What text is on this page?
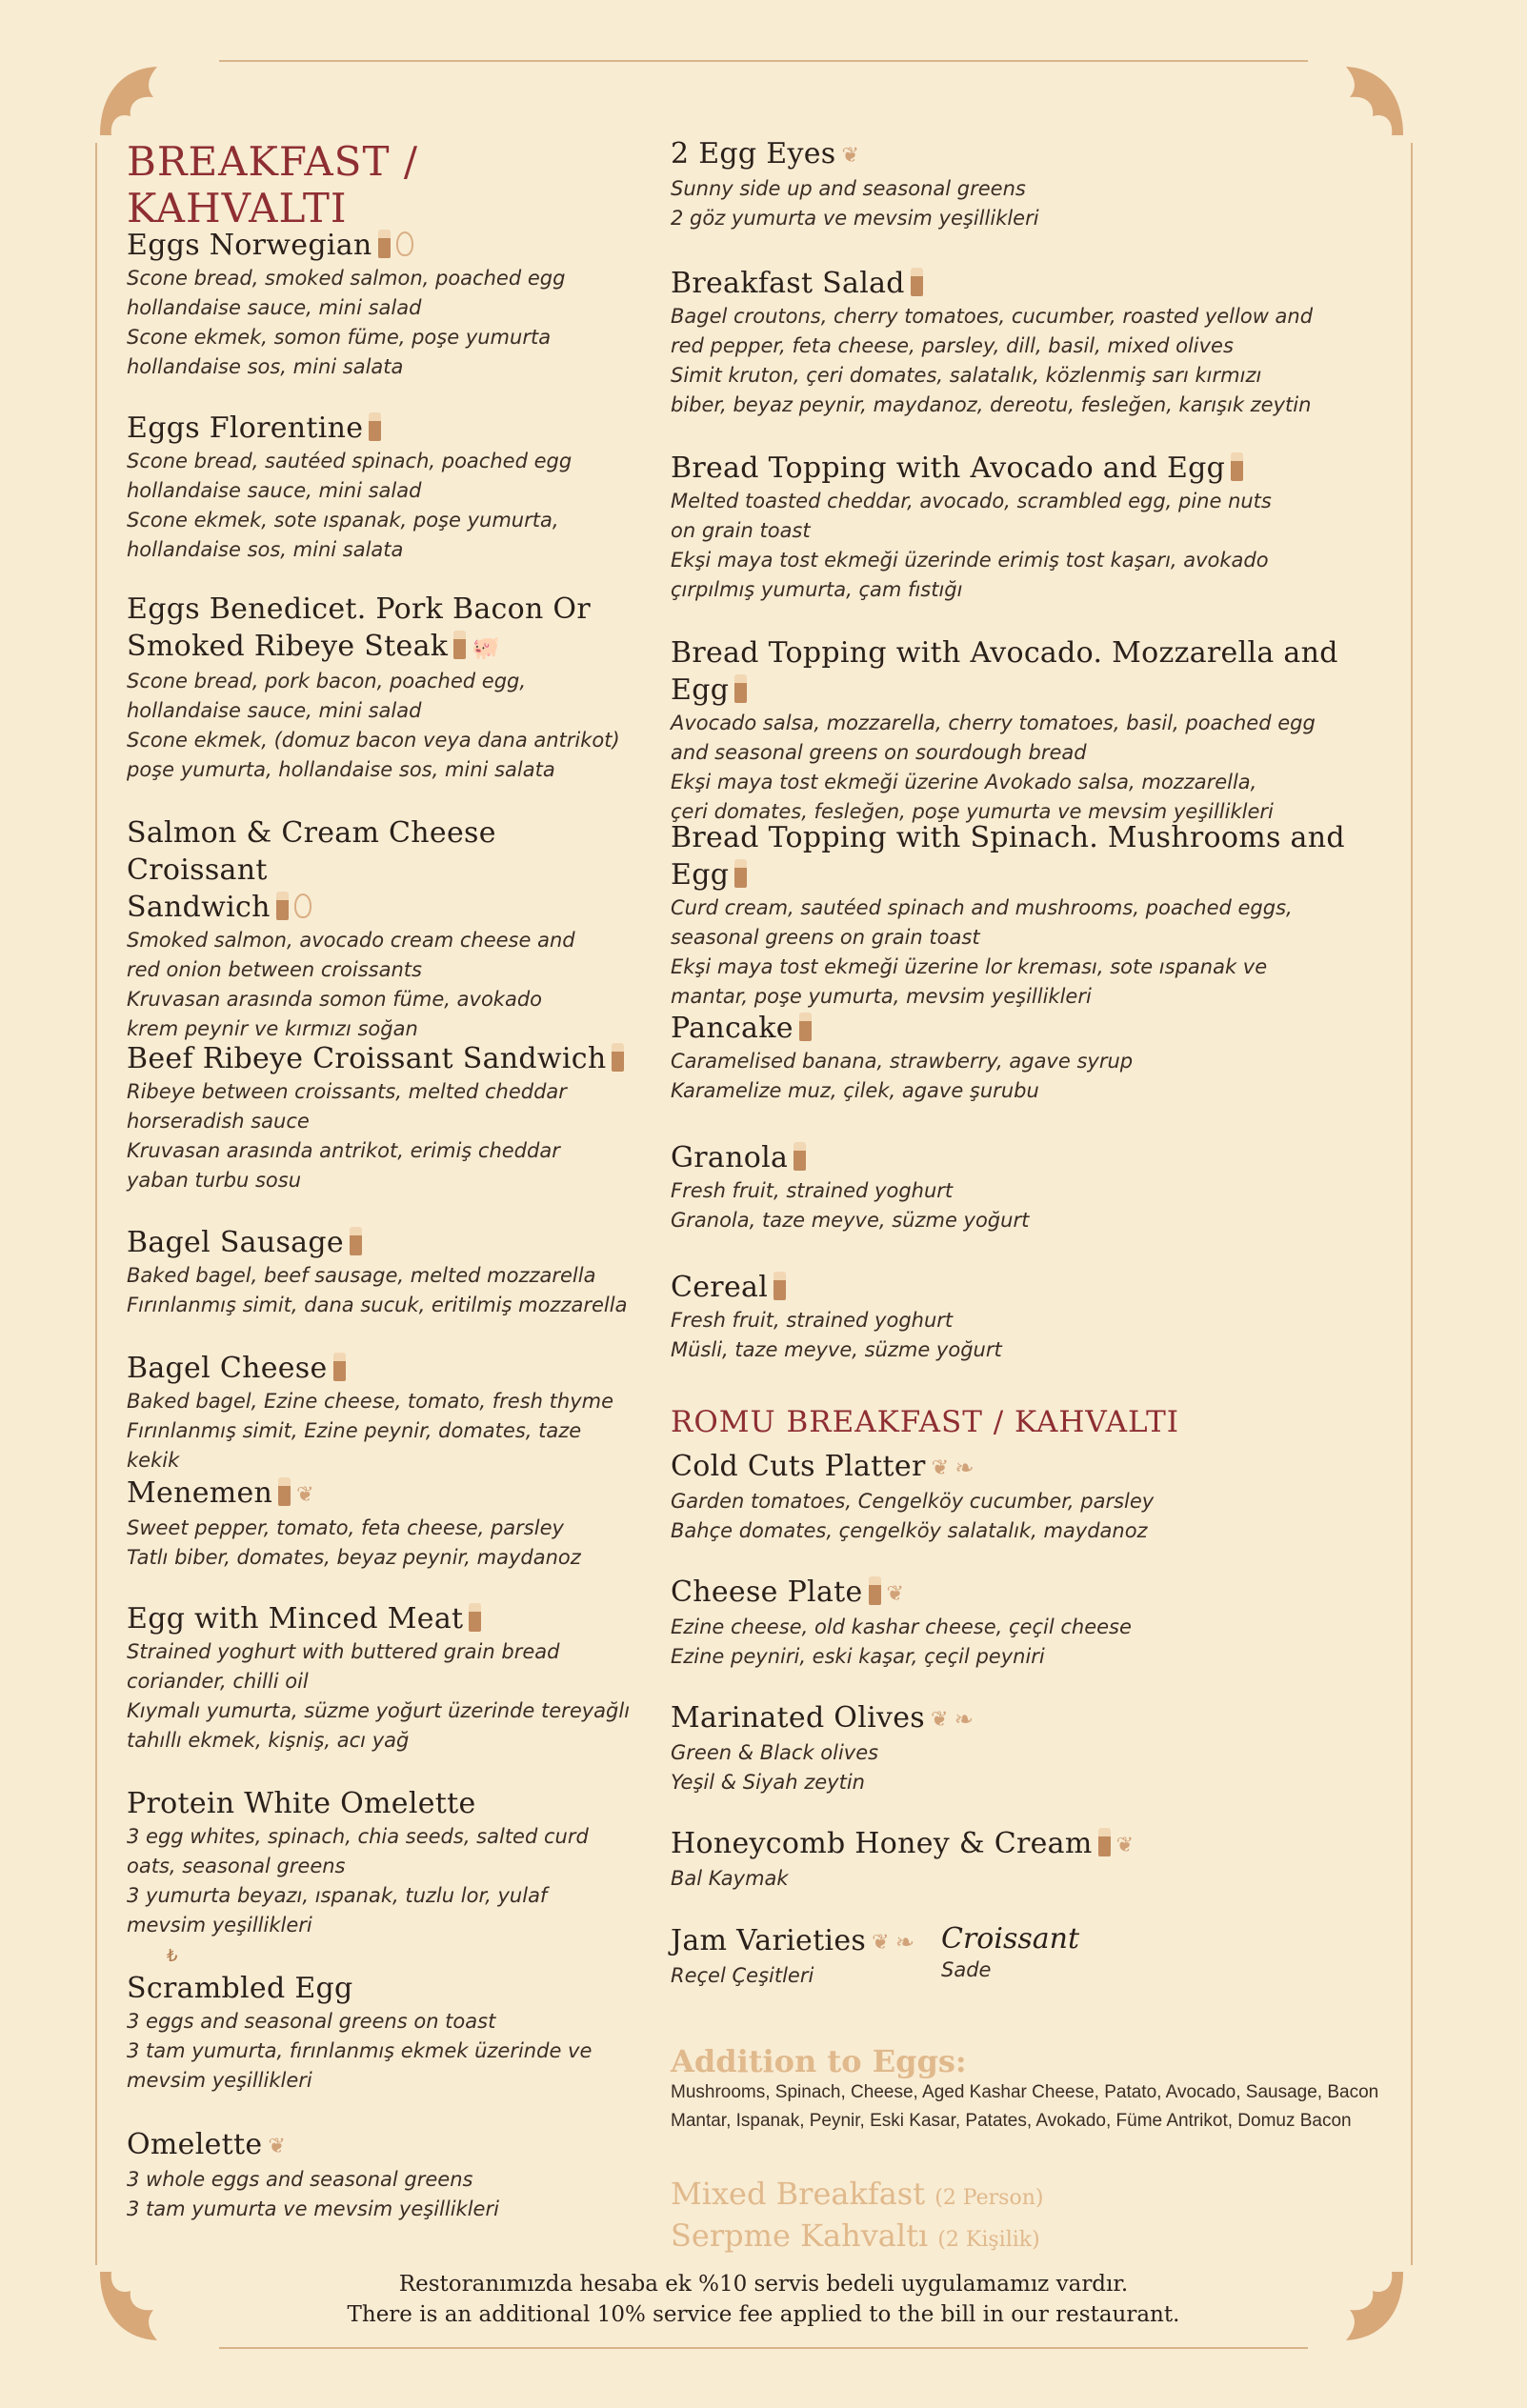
BREAKFAST / KAHVALTI

Eggs Norwegian

Scone bread, smoked salmon, poached egg

hollandaise sauce, mini salad

Scone ekmek, somon füme, poşe yumurta

hollandaise sos, mini salata

Eggs Florentine

Scone bread, sautéed spinach, poached egg

hollandaise sauce, mini salad

Scone ekmek, sote ıspanak, poşe yumurta,

hollandaise sos, mini salata

Eggs Benedicet. Pork Bacon Or

Smoked Ribeye Steak 🐖

Scone bread, pork bacon, poached egg,

hollandaise sauce, mini salad

Scone ekmek, (domuz bacon veya dana antrikot)

poşe yumurta, hollandaise sos, mini salata

Salmon & Cream Cheese Croissant

Sandwich

Smoked salmon, avocado cream cheese and

red onion between croissants

Kruvasan arasında somon füme, avokado

krem peynir ve kırmızı soğan

Beef Ribeye Croissant Sandwich

Ribeye between croissants, melted cheddar

horseradish sauce

Kruvasan arasında antrikot, erimiş cheddar

yaban turbu sosu

Bagel Sausage

Baked bagel, beef sausage, melted mozzarella

Fırınlanmış simit, dana sucuk, eritilmiş mozzarella

Bagel Cheese

Baked bagel, Ezine cheese, tomato, fresh thyme

Fırınlanmış simit, Ezine peynir, domates, taze kekik

Menemen ❦

Sweet pepper, tomato, feta cheese, parsley

Tatlı biber, domates, beyaz peynir, maydanoz

Egg with Minced Meat

Strained yoghurt with buttered grain bread

coriander, chilli oil

Kıymalı yumurta, süzme yoğurt üzerinde tereyağlı

tahıllı ekmek, kişniş, acı yağ

Protein White Omelette

3 egg whites, spinach, chia seeds, salted curd

oats, seasonal greens

3 yumurta beyazı, ıspanak, tuzlu lor, yulaf

mevsim yeşillikleri

Scrambled Egg

3 eggs and seasonal greens on toast

3 tam yumurta, fırınlanmış ekmek üzerinde ve

mevsim yeşillikleri

Omelette ❦

3 whole eggs and seasonal greens

3 tam yumurta ve mevsim yeşillikleri

₺
ROMU BREAKFAST / KAHVALTI

2 Egg Eyes ❦

Sunny side up and seasonal greens

2 göz yumurta ve mevsim yeşillikleri

Breakfast Salad

Bagel croutons, cherry tomatoes, cucumber, roasted yellow and

red pepper, feta cheese, parsley, dill, basil, mixed olives

Simit kruton, çeri domates, salatalık, közlenmiş sarı kırmızı

biber, beyaz peynir, maydanoz, dereotu, fesleğen, karışık zeytin

Bread Topping with Avocado and Egg

Melted toasted cheddar, avocado, scrambled egg, pine nuts

on grain toast

Ekşi maya tost ekmeği üzerinde erimiş tost kaşarı, avokado

çırpılmış yumurta, çam fıstığı

Bread Topping with Avocado. Mozzarella and Egg

Avocado salsa, mozzarella, cherry tomatoes, basil, poached egg

and seasonal greens on sourdough bread

Ekşi maya tost ekmeği üzerine Avokado salsa, mozzarella,

çeri domates, fesleğen, poşe yumurta ve mevsim yeşillikleri

Bread Topping with Spinach. Mushrooms and Egg

Curd cream, sautéed spinach and mushrooms, poached eggs,

seasonal greens on grain toast

Ekşi maya tost ekmeği üzerine lor kreması, sote ıspanak ve

mantar, poşe yumurta, mevsim yeşillikleri

Pancake

Caramelised banana, strawberry, agave syrup

Karamelize muz, çilek, agave şurubu

Granola

Fresh fruit, strained yoghurt

Granola, taze meyve, süzme yoğurt

Cereal

Fresh fruit, strained yoghurt

Müsli, taze meyve, süzme yoğurt

Cold Cuts Platter ❦ ❧

Garden tomatoes, Cengelköy cucumber, parsley

Bahçe domates, çengelköy salatalık, maydanoz

Cheese Plate ❦

Ezine cheese, old kashar cheese, çeçil cheese

Ezine peyniri, eski kaşar, çeçil peyniri

Marinated Olives ❦ ❧

Green & Black olives

Yeşil & Siyah zeytin

Honeycomb Honey & Cream ❦

Bal Kaymak

Jam Varieties ❦ ❧

Reçel Çeşitleri

Croissant
Sade
Addition to Eggs:
Mushrooms, Spinach, Cheese, Aged Kashar Cheese, Patato, Avocado, Sausage, Bacon
Mantar, Ispanak, Peynir, Eski Kasar, Patates, Avokado, Füme Antrikot, Domuz Bacon
Mixed Breakfast (2 Person)
Serpme Kahvaltı (2 Kişilik)
Restoranımızda hesaba ek %10 servis bedeli uygulamamız vardır.
There is an additional 10% service fee applied to the bill in our restaurant.
